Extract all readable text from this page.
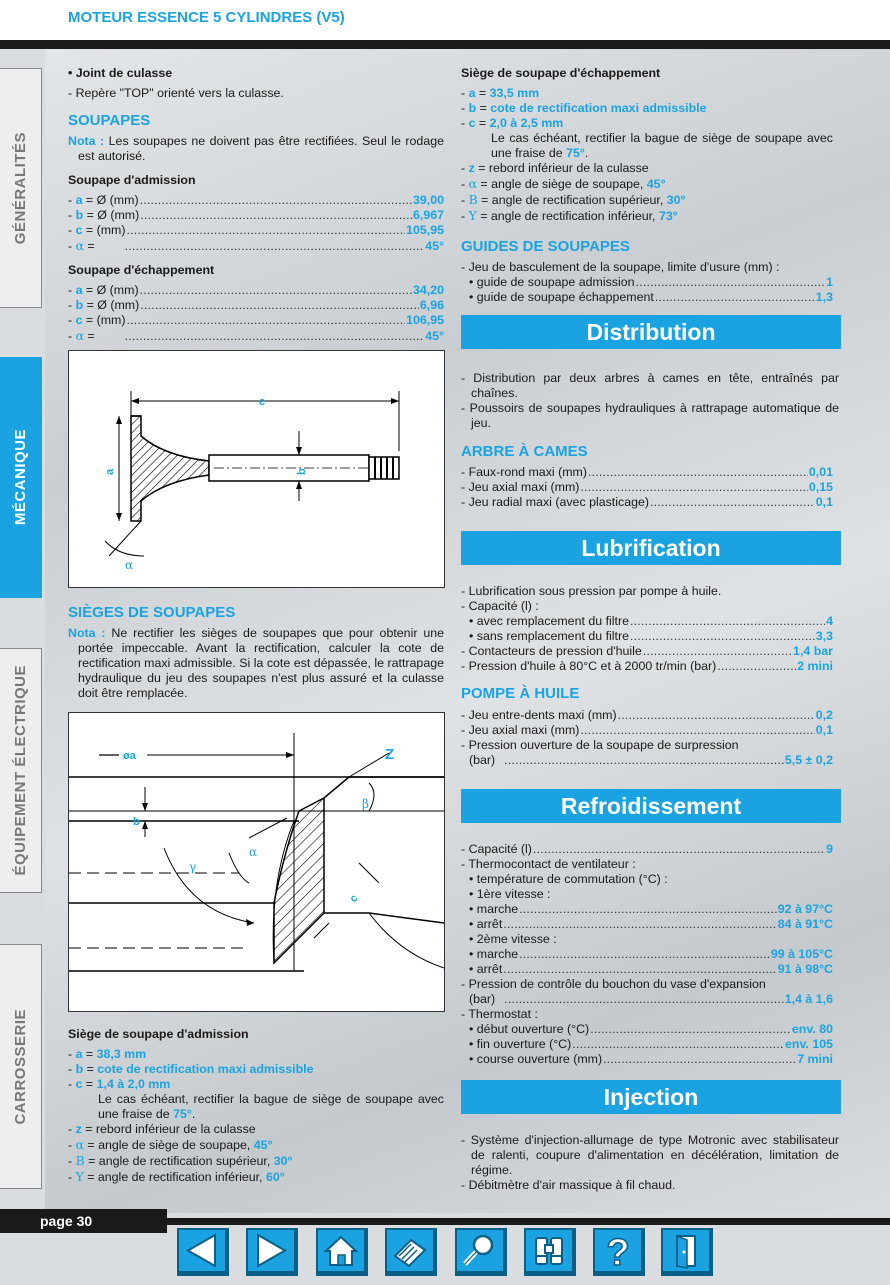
MOTEUR ESSENCE 5 CYLINDRES (V5)
GÉNÉRALITÉS
MÉCANIQUE
ÉQUIPEMENT ÉLECTRIQUE
CARROSSERIE

• Joint de culasse

- Repère "TOP" orienté vers la culasse.

SOUPAPES

Nota : Les soupapes ne doivent pas être rectifiées. Seul le rodage est autorisé.

Soupape d'admission

- a = Ø (mm) .....	39,00
- b = Ø (mm) .....	6,967
- c = (mm) .....	105,95
- α = .....	45°

Soupape d'échappement

- a = Ø (mm) .....	34,20
- b = Ø (mm) .....	6,96
- c = (mm) .....	106,95
- α = .....	45°
c
a	b
α

SIÈGES DE SOUPAPES

Nota : Ne rectifier les sièges de soupapes que pour obtenir une portée impeccable. Avant la rectification, calculer la cote de rectification maxi admissible. Si la cote est dépassée, le rattrapage hydraulique du jeu des soupapes n'est plus assuré et la culasse doit être remplacée.

øa	Z
b
β
α
γ
c

Siège de soupape d'admission

- a = 38,3 mm

- b = cote de rectification maxi admissible

- c = 1,4 à 2,0 mm

Le cas échéant, rectifier la bague de siège de soupape avec une fraise de 75°.

- z = rebord inférieur de la culasse

- α = angle de siège de soupape, 45°

- B = angle de rectification supérieur, 30°

- Y = angle de rectification inférieur, 60°

Siège de soupape d'échappement

- a = 33,5 mm

- b = cote de rectification maxi admissible

- c = 2,0 à 2,5 mm

Le cas échéant, rectifier la bague de siège de soupape avec une fraise de 75°.

- z = rebord inférieur de la culasse

- α = angle de siège de soupape, 45°

- B = angle de rectification supérieur, 30°

- Y = angle de rectification inférieur, 73°

GUIDES DE SOUPAPES

- Jeu de basculement de la soupape, limite d'usure (mm) :

• guide de soupape admission .....	1
• guide de soupape échappement .....	1,3
Distribution

- Distribution par deux arbres à cames en tête, entraînés par chaînes.

- Poussoirs de soupapes hydrauliques à rattrapage automatique de jeu.

ARBRE À CAMES

- Faux-rond maxi (mm) .....	0,01
- Jeu axial maxi (mm) .....	0,15
- Jeu radial maxi (avec plasticage) .....	0,1
Lubrification

- Lubrification sous pression par pompe à huile.

- Capacité (l) :

• avec remplacement du filtre .....	4
• sans remplacement du filtre .....	3,3
- Contacteurs de pression d'huile .....	1,4 bar
- Pression d'huile à 80°C et à 2000 tr/min (bar) .....	2 mini

POMPE À HUILE

- Jeu entre-dents maxi (mm) .....	0,2
- Jeu axial maxi (mm) .....	0,1

- Pression ouverture de la soupape de surpression

(bar) .....	5,5 ± 0,2
Refroidissement
- Capacité (l) .....	9

- Thermocontact de ventilateur :

• température de commutation (°C) :

• 1ère vitesse :

• marche .....	92 à 97°C
• arrêt .....	84 à 91°C

• 2ème vitesse :

• marche .....	99 à 105°C
• arrêt .....	91 à 98°C

- Pression de contrôle du bouchon du vase d'expansion

(bar) .....	1,4 à 1,6

- Thermostat :

• début ouverture (°C) .....	env. 80
• fin ouverture (°C) .....	env. 105
• course ouverture (mm) .....	7 mini
Injection

- Système d'injection-allumage de type Motronic avec stabilisateur de ralenti, coupure d'alimentation en décélération, limitation de régime.

- Débitmètre d'air massique à fil chaud.

page 30
?
